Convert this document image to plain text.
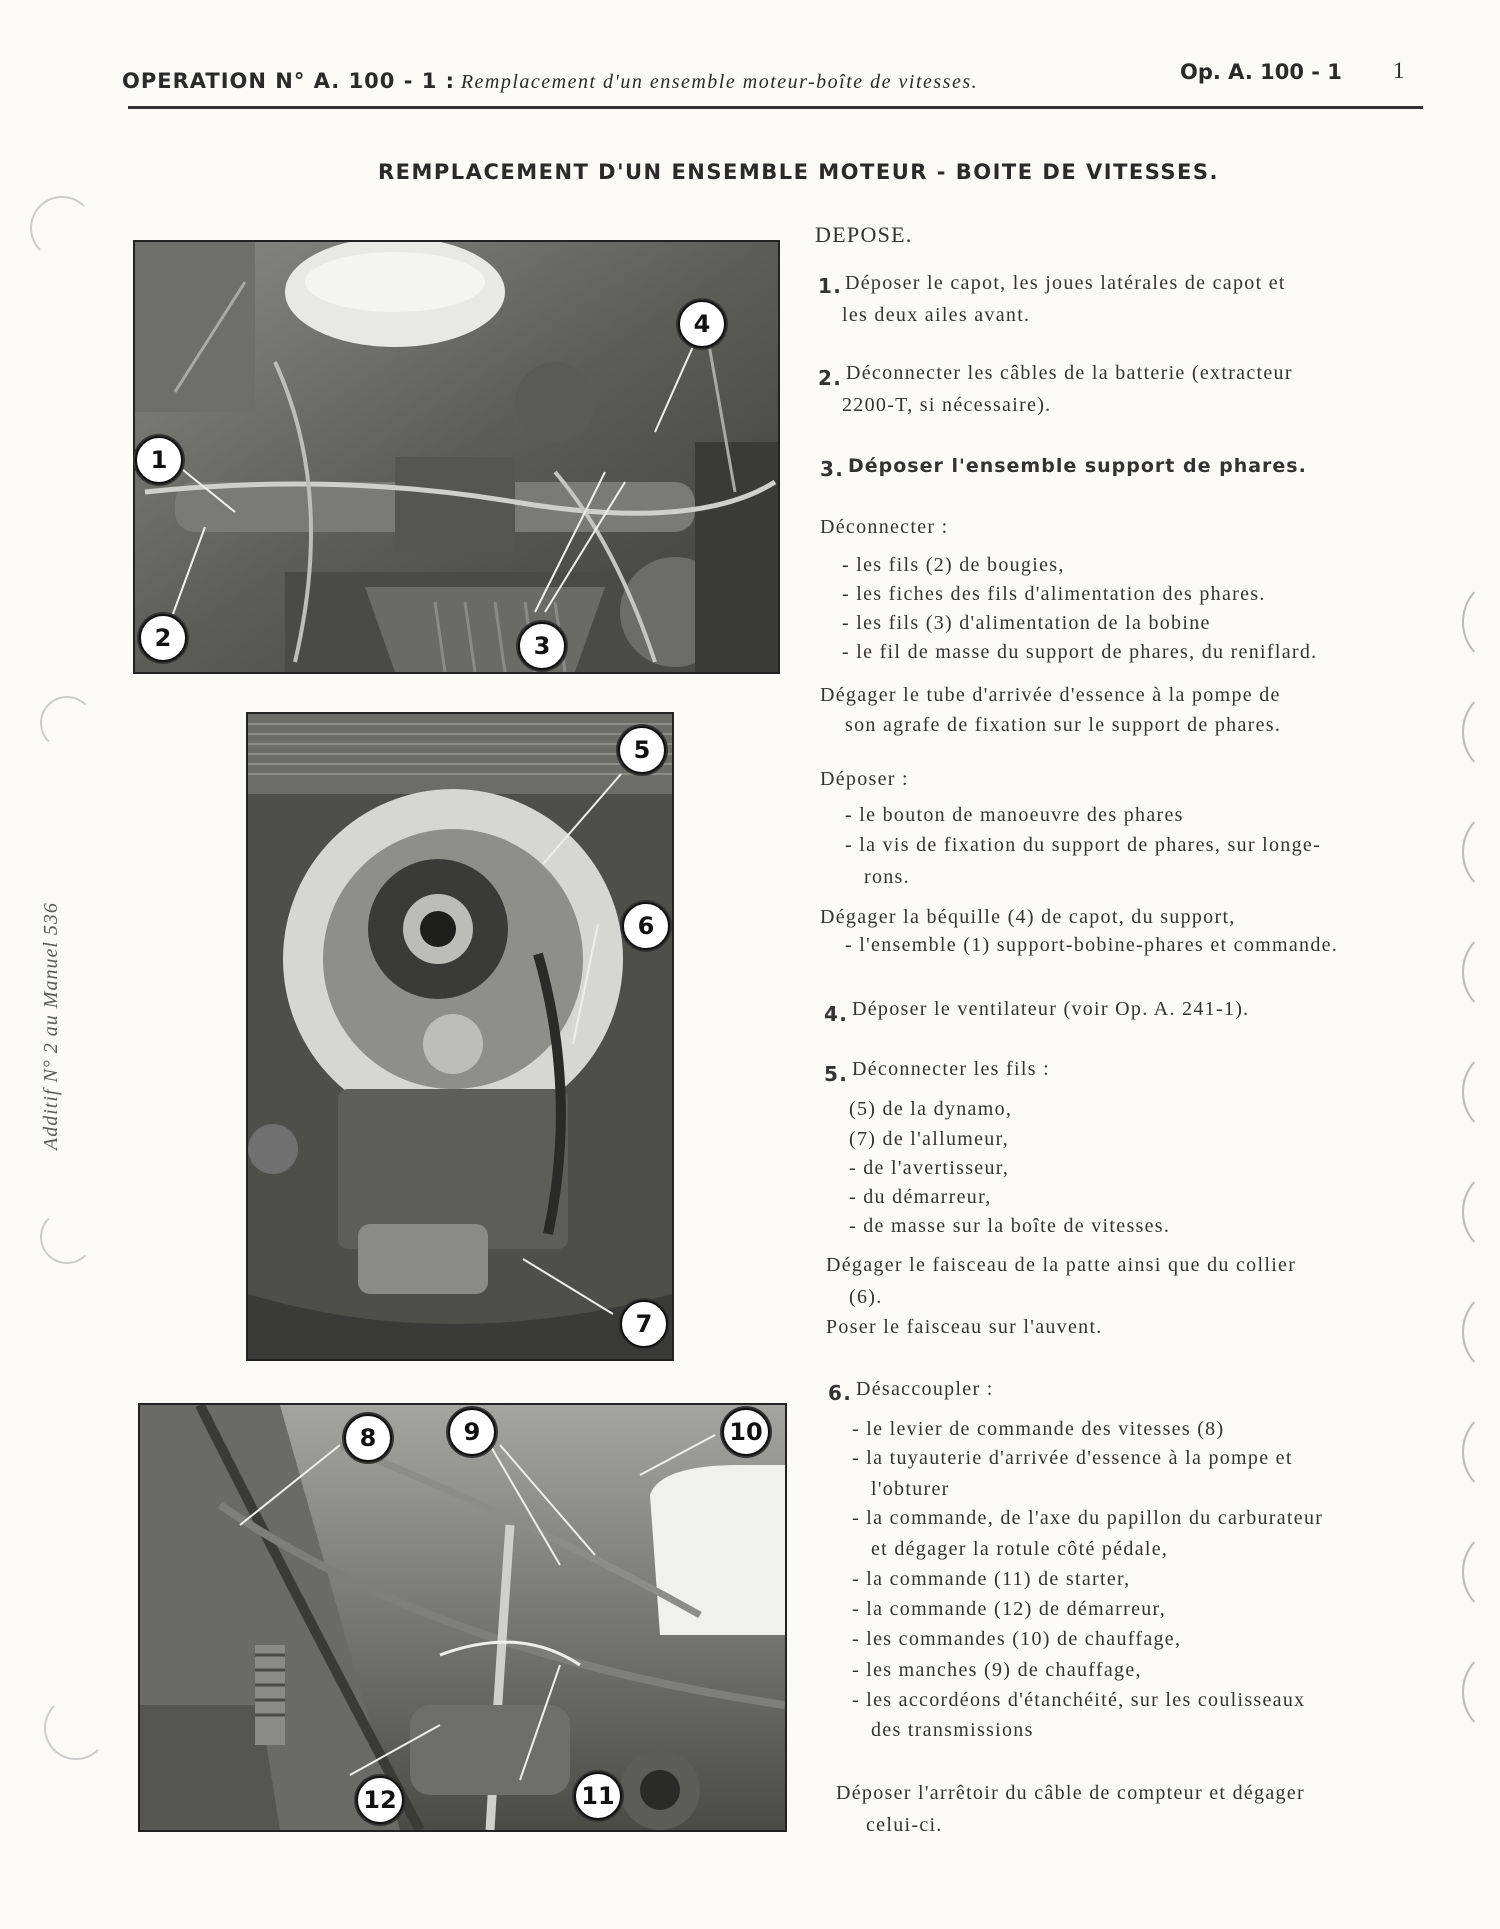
OPERATION N° A. 100 - 1 : Remplacement d'un ensemble moteur-boîte de vitesses.	Op. A. 100 - 1 1
REMPLACEMENT D'UN ENSEMBLE MOTEUR - BOITE DE VITESSES.
Additif N° 2 au Manuel 536
1
2	3
4
5
6
7
8	9	10
11
12
DEPOSE.
1. Déposer le capot, les joues latérales de capot et
les deux ailes avant.
2. Déconnecter les câbles de la batterie (extracteur
2200-T, si nécessaire).
3. Déposer l'ensemble support de phares.
Déconnecter :
- les fils (2) de bougies,
- les fiches des fils d'alimentation des phares.
- les fils (3) d'alimentation de la bobine
- le fil de masse du support de phares, du reniflard.
Dégager le tube d'arrivée d'essence à la pompe de
son agrafe de fixation sur le support de phares.
Déposer :
- le bouton de manoeuvre des phares
- la vis de fixation du support de phares, sur longe-
rons.
Dégager la béquille (4) de capot, du support,
- l'ensemble (1) support-bobine-phares et commande.
4. Déposer le ventilateur (voir Op. A. 241-1).
5. Déconnecter les fils :
(5) de la dynamo,
(7) de l'allumeur,
- de l'avertisseur,
- du démarreur,
- de masse sur la boîte de vitesses.
Dégager le faisceau de la patte ainsi que du collier
(6).
Poser le faisceau sur l'auvent.
6. Désaccoupler :
- le levier de commande des vitesses (8)
- la tuyauterie d'arrivée d'essence à la pompe et
l'obturer
- la commande, de l'axe du papillon du carburateur
et dégager la rotule côté pédale,
- la commande (11) de starter,
- la commande (12) de démarreur,
- les commandes (10) de chauffage,
- les manches (9) de chauffage,
- les accordéons d'étanchéité, sur les coulisseaux
des transmissions
Déposer l'arrêtoir du câble de compteur et dégager
celui-ci.
